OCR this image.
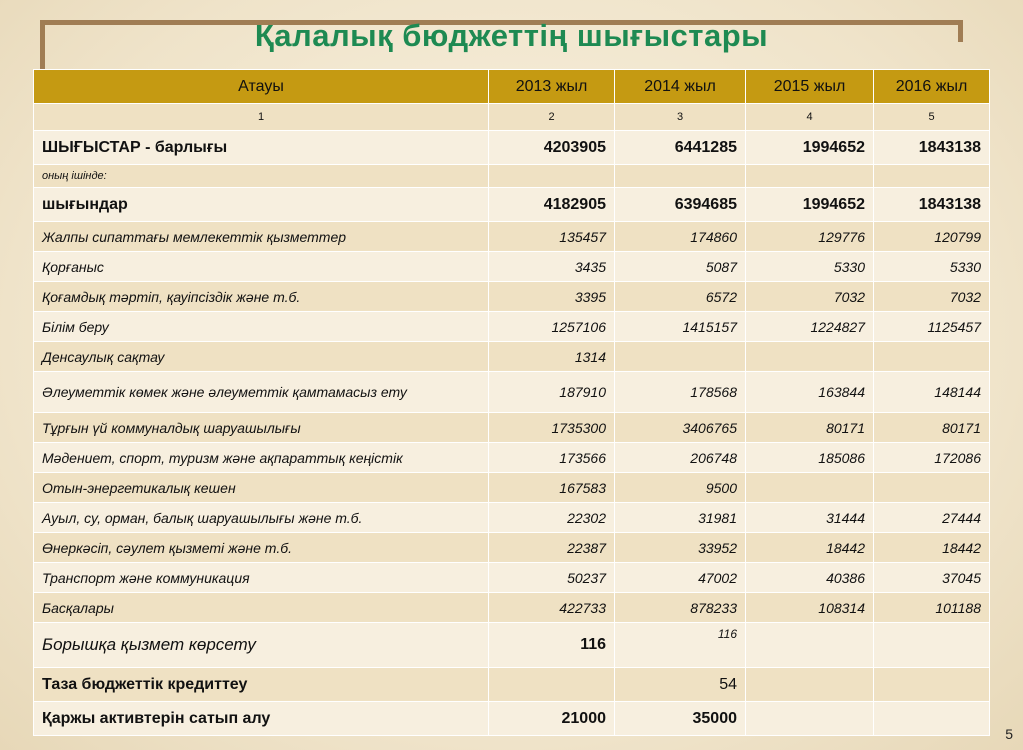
Қалалық бюджеттің шығыстары
Атауы	2013 жыл	2014 жыл	2015 жыл	2016 жыл
1	2	3	4	5
ШЫҒЫСТАР - барлығы	4203905	6441285	1994652	1843138
оның ішінде:				
шығындар	4182905	6394685	1994652	1843138
Жалпы сипаттағы мемлекеттік қызметтер	135457	174860	129776	120799
Қорғаныс	3435	5087	5330	5330
Қоғамдық тәртіп, қауіпсіздік және т.б.	3395	6572	7032	7032
Білім беру	1257106	1415157	1224827	1125457
Денсаулық сақтау	1314			
Әлеуметтік көмек және әлеуметтік қамтамасыз ету	187910	178568	163844	148144
Тұрғын үй коммуналдық шаруашылығы	1735300	3406765	80171	80171
Мәдениет, спорт, туризм және ақпараттық кеңістік	173566	206748	185086	172086
Отын-энергетикалық кешен	167583	9500		
Ауыл, су, орман, балық шаруашылығы және т.б.	22302	31981	31444	27444
Өнеркәсіп, сәулет қызметі және т.б.	22387	33952	18442	18442
Транспорт және коммуникация	50237	47002	40386	37045
Басқалары	422733	878233	108314	101188
Борышқа қызмет көрсету	116	116		
Таза бюджеттік кредиттеу		54		
Қаржы активтерін сатып алу	21000	35000		
5
